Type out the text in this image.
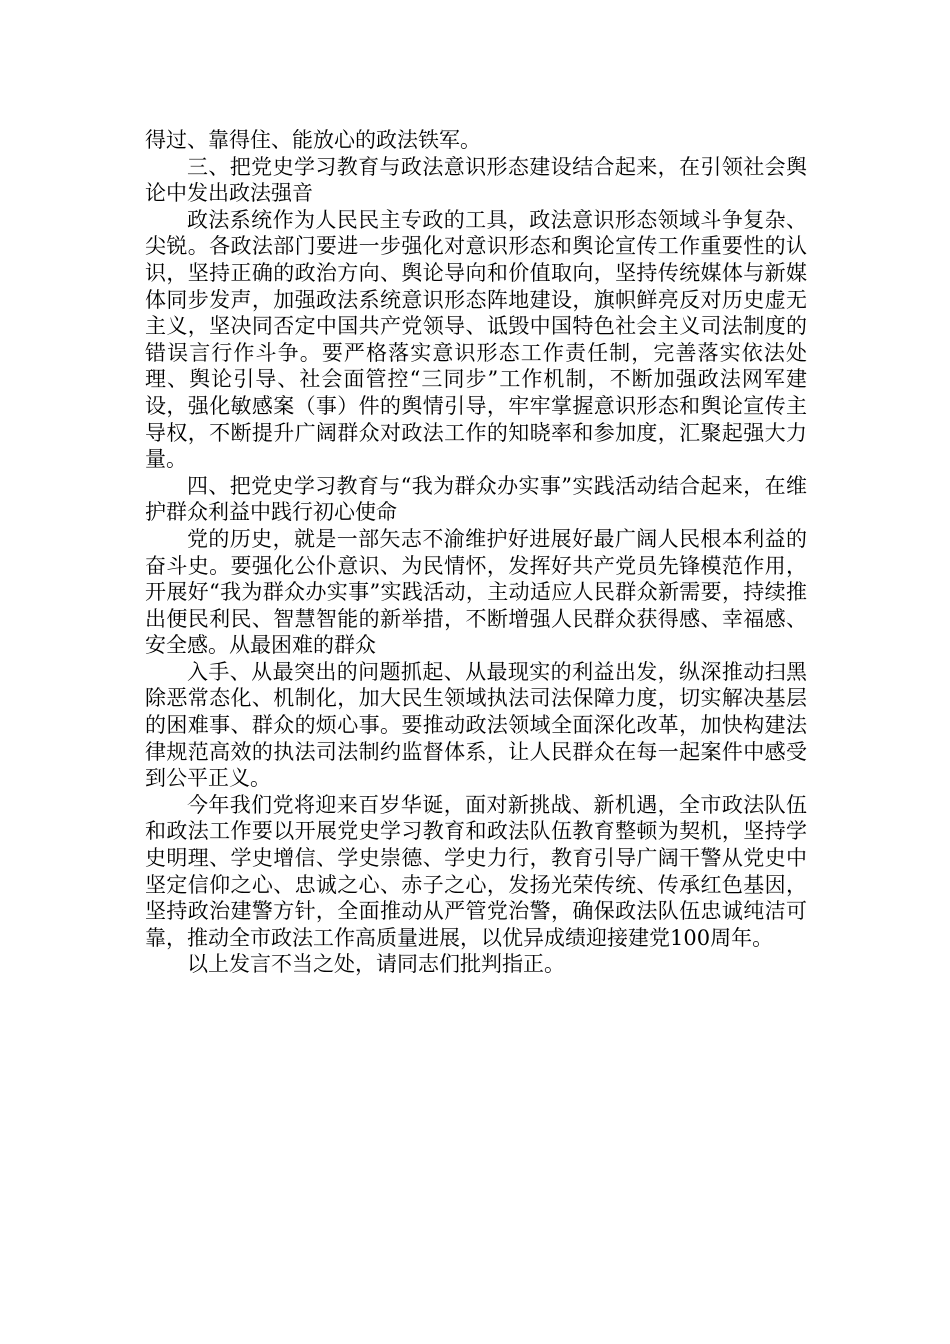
得过、靠得住、能放心的政法铁军。

三、把党史学习教育与政法意识形态建设结合起来，在引领社会舆论中发出政法强音

政法系统作为人民民主专政的工具，政法意识形态领域斗争复杂、尖锐。各政法部门要进一步强化对意识形态和舆论宣传工作重要性的认识，坚持正确的政治方向、舆论导向和价值取向，坚持传统媒体与新媒体同步发声，加强政法系统意识形态阵地建设，旗帜鲜亮反对历史虚无主义，坚决同否定中国共产党领导、诋毁中国特色社会主义司法制度的错误言行作斗争。要严格落实意识形态工作责任制，完善落实依法处理、舆论引导、社会面管控“三同步”工作机制，不断加强政法网军建设，强化敏感案（事）件的舆情引导，牢牢掌握意识形态和舆论宣传主导权，不断提升广阔群众对政法工作的知晓率和参加度，汇聚起强大力量。

四、把党史学习教育与“我为群众办实事”实践活动结合起来，在维护群众利益中践行初心使命

党的历史，就是一部矢志不渝维护好进展好最广阔人民根本利益的奋斗史。要强化公仆意识、为民情怀，发挥好共产党员先锋模范作用，开展好“我为群众办实事”实践活动，主动适应人民群众新需要，持续推出便民利民、智慧智能的新举措，不断增强人民群众获得感、幸福感、安全感。从最困难的群众

入手、从最突出的问题抓起、从最现实的利益出发，纵深推动扫黑除恶常态化、机制化，加大民生领域执法司法保障力度，切实解决基层的困难事、群众的烦心事。要推动政法领域全面深化改革，加快构建法律规范高效的执法司法制约监督体系，让人民群众在每一起案件中感受到公平正义。

今年我们党将迎来百岁华诞，面对新挑战、新机遇，全市政法队伍和政法工作要以开展党史学习教育和政法队伍教育整顿为契机，坚持学史明理、学史增信、学史崇德、学史力行，教育引导广阔干警从党史中坚定信仰之心、忠诚之心、赤子之心，发扬光荣传统、传承红色基因，坚持政治建警方针，全面推动从严管党治警，确保政法队伍忠诚纯洁可靠，推动全市政法工作高质量进展，以优异成绩迎接建党100周年。

以上发言不当之处，请同志们批判指正。
